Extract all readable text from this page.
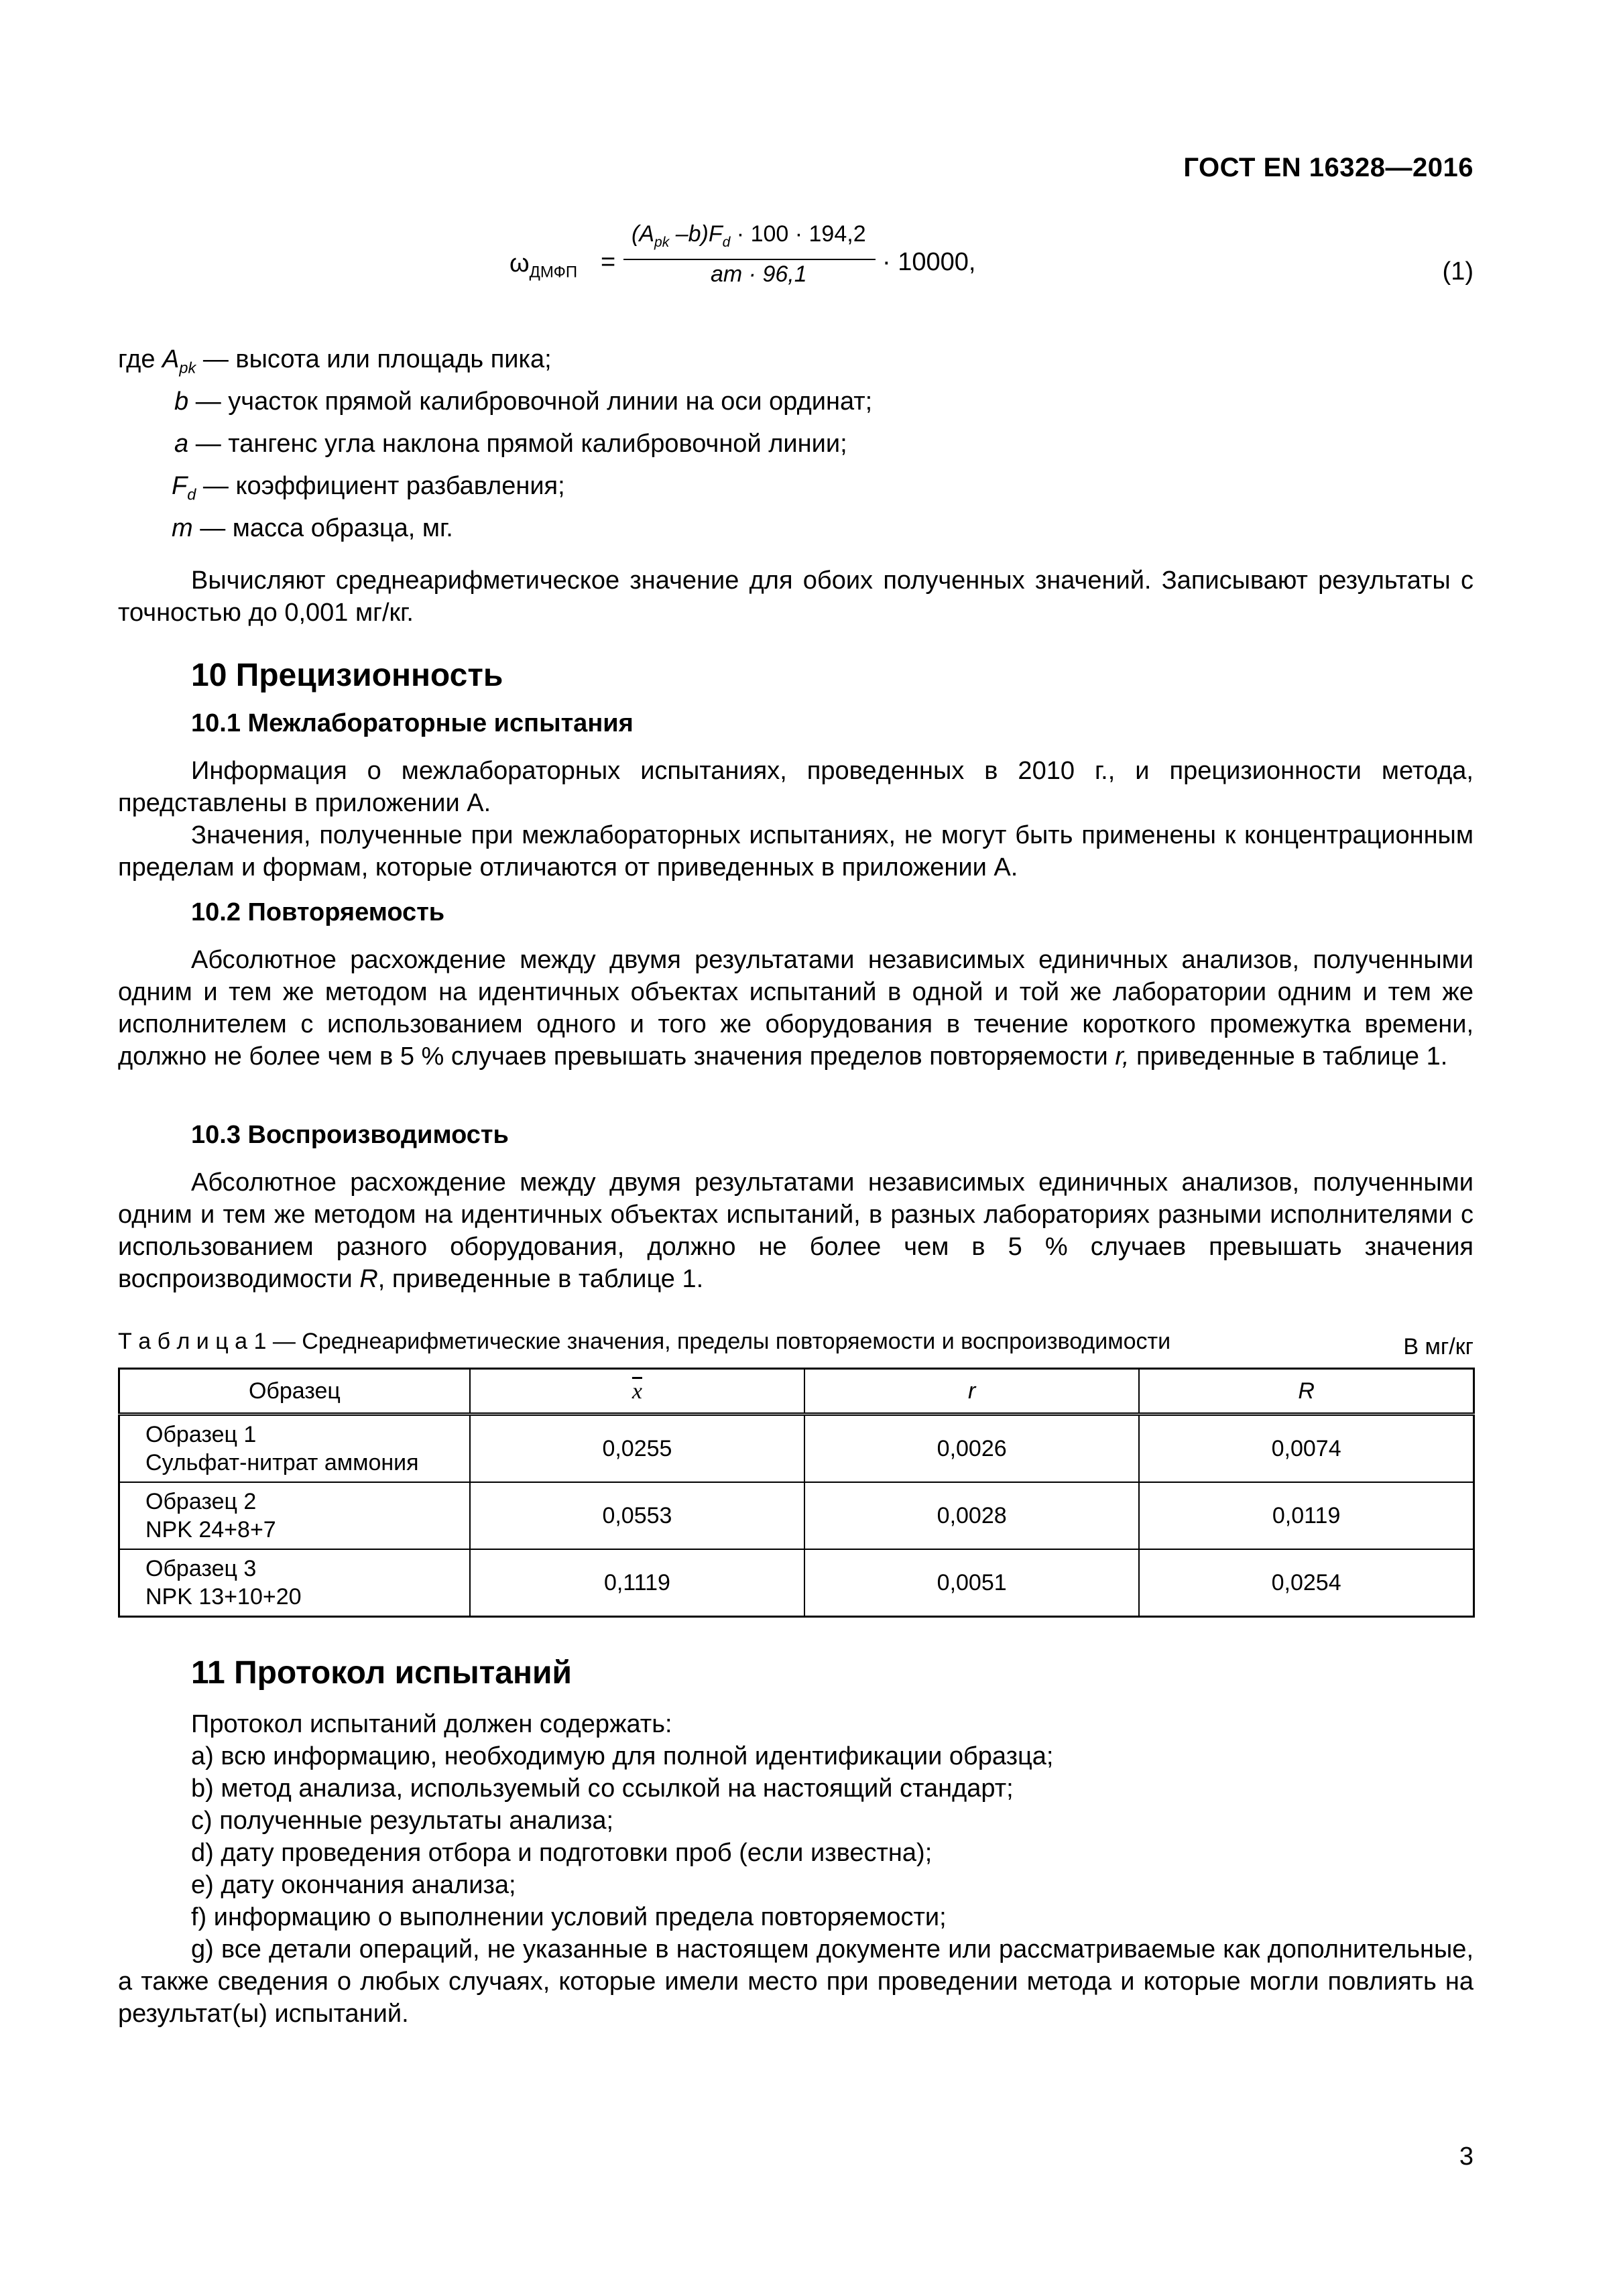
ГОСТ EN 16328—2016
$\omega_{ДМФП}$ =
($A_{pk}$ $-b)F_d \cdot 100 \cdot 194,2$
am · 96,1	· 10000,	(1)
где $A_{pk}$ — высота или площадь пика;
b — участок прямой калибровочной линии на оси ординат;
a — тангенс угла наклона прямой калибровочной линии;
$F_d$ — коэффициент разбавления;
m — масса образца, мг.
Вычисляют среднеарифметическое значение для обоих полученных значений. Записывают результаты с точностью до 0,001 мг/кг.
10 Прецизионность
10.1 Межлабораторные испытания
Информация о межлабораторных испытаниях, проведенных в 2010 г., и прецизионности метода, представлены в приложении А.
Значения, полученные при межлабораторных испытаниях, не могут быть применены к концентрационным пределам и формам, которые отличаются от приведенных в приложении А.
10.2 Повторяемость
Абсолютное расхождение между двумя результатами независимых единичных анализов, полученными одним и тем же методом на идентичных объектах испытаний в одной и той же лаборатории одним и тем же исполнителем с использованием одного и того же оборудования в течение короткого промежутка времени, должно не более чем в 5 % случаев превышать значения пределов повторяемости r, приведенные в таблице 1.
10.3 Воспроизводимость
Абсолютное расхождение между двумя результатами независимых единичных анализов, полученными одним и тем же методом на идентичных объектах испытаний, в разных лабораториях разными исполнителями с использованием разного оборудования, должно не более чем в 5 % случаев превышать значения воспроизводимости R, приведенные в таблице 1.
Т а б л и ц а 1 — Среднеарифметические значения, пределы повторяемости и воспроизводимости	В мг/кг
Образец	$\overline{x}$	r	R

Образец 1
Сульфат-нитрат аммония	0,0255	0,0026	0,0074

Образец 2
NPK 24+8+7	0,0553	0,0028	0,0119

Образец 3
NPK 13+10+20	0,1119	0,0051	0,0254
11 Протокол испытаний
Протокол испытаний должен содержать:
a) всю информацию, необходимую для полной идентификации образца;
b) метод анализа, используемый со ссылкой на настоящий стандарт;
c) полученные результаты анализа;
d) дату проведения отбора и подготовки проб (если известна);
e) дату окончания анализа;
f) информацию о выполнении условий предела повторяемости;
g) все детали операций, не указанные в настоящем документе или рассматриваемые как дополнительные, а также сведения о любых случаях, которые имели место при проведении метода и которые могли повлиять на результат(ы) испытаний.
3
